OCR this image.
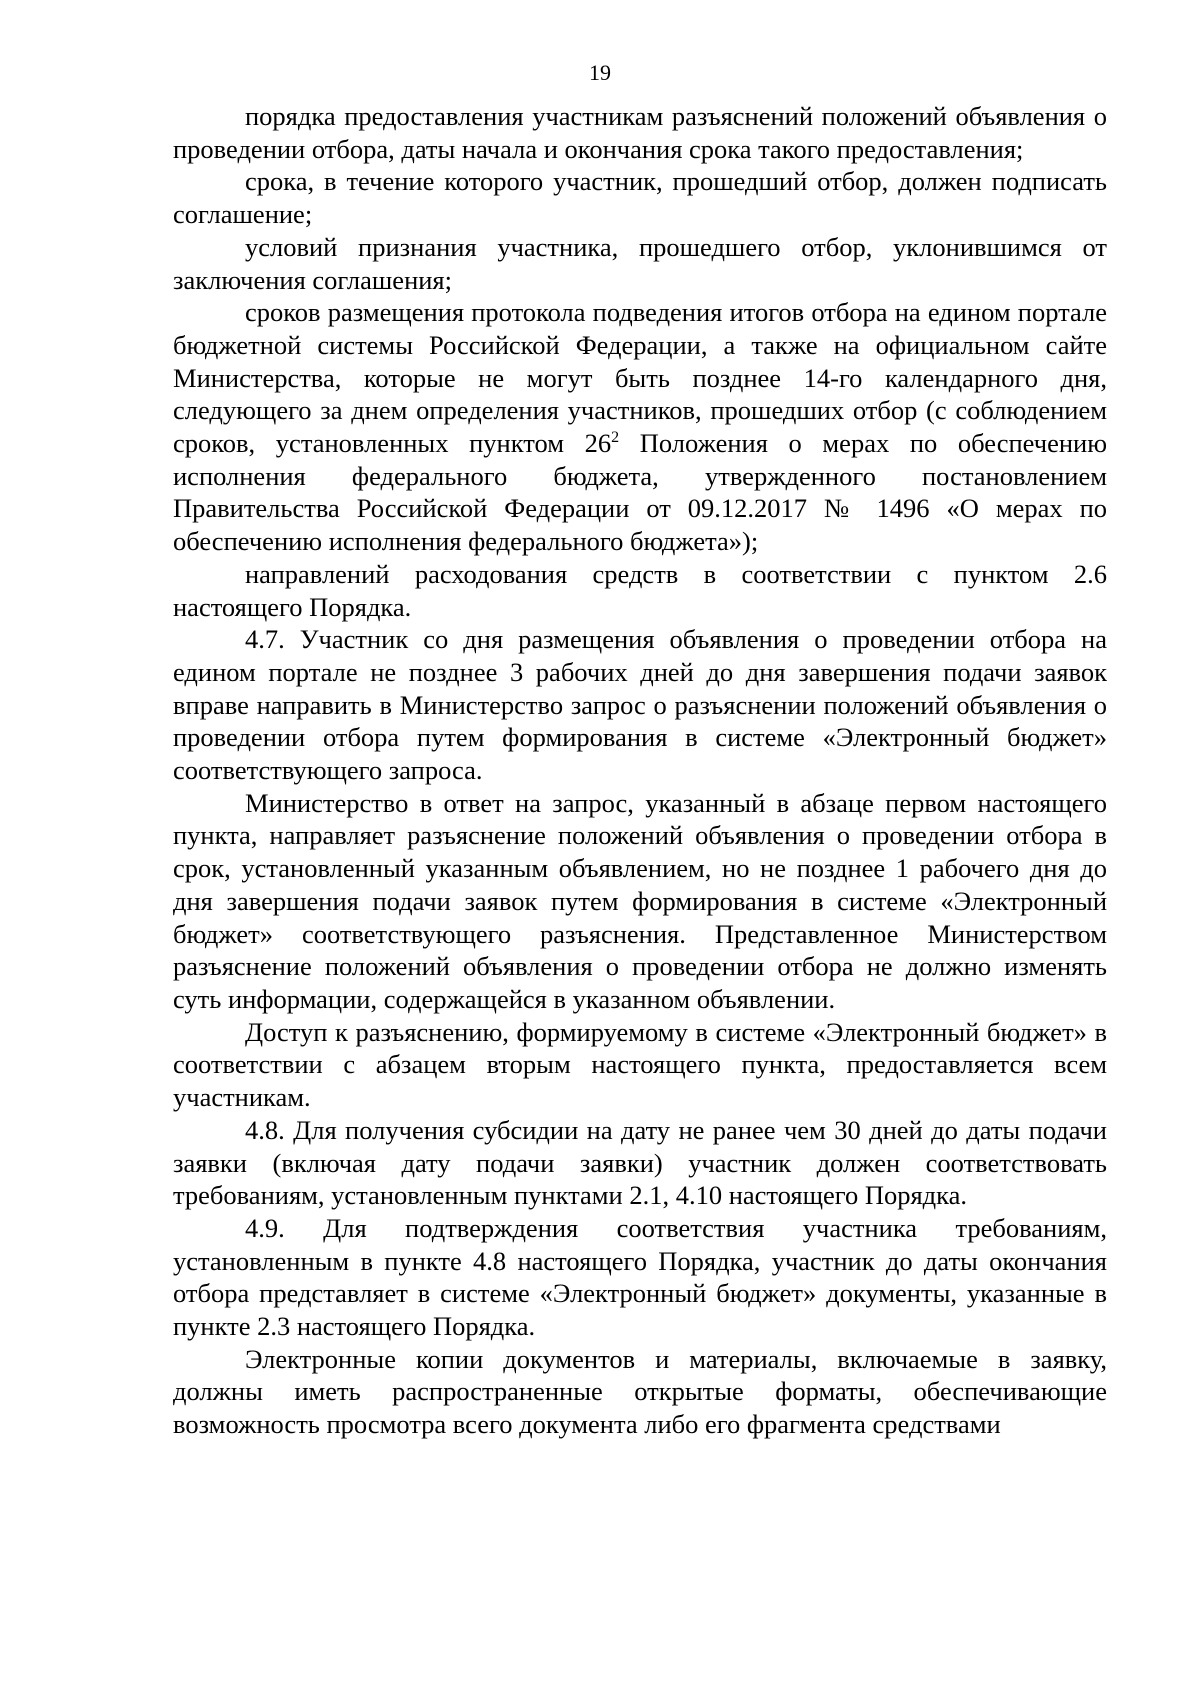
19

порядка предоставления участникам разъяснений положений объявления о проведении отбора, даты начала и окончания срока такого предоставления;

срока, в течение которого участник, прошедший отбор, должен подписать соглашение;

условий признания участника, прошедшего отбор, уклонившимся от заключения соглашения;

сроков размещения протокола подведения итогов отбора на едином портале бюджетной системы Российской Федерации, а также на официальном сайте Министерства, которые не могут быть позднее 14-го календарного дня, следующего за днем определения участников, прошедших отбор (с соблюдением сроков, установленных пунктом $26^2$ Положения о мерах по обеспечению исполнения федерального бюджета, утвержденного постановлением Правительства Российской Федерации от 09.12.2017 № 1496 «О мерах по обеспечению исполнения федерального бюджета»);

направлений расходования средств в соответствии с пунктом 2.6 настоящего Порядка.

4.7. Участник со дня размещения объявления о проведении отбора на едином портале не позднее 3 рабочих дней до дня завершения подачи заявок вправе направить в Министерство запрос о разъяснении положений объявления о проведении отбора путем формирования в системе «Электронный бюджет» соответствующего запроса.

Министерство в ответ на запрос, указанный в абзаце первом настоящего пункта, направляет разъяснение положений объявления о проведении отбора в срок, установленный указанным объявлением, но не позднее 1 рабочего дня до дня завершения подачи заявок путем формирования в системе «Электронный бюджет» соответствующего разъяснения. Представленное Министерством разъяснение положений объявления о проведении отбора не должно изменять суть информации, содержащейся в указанном объявлении.

Доступ к разъяснению, формируемому в системе «Электронный бюджет» в соответствии с абзацем вторым настоящего пункта, предоставляется всем участникам.

4.8. Для получения субсидии на дату не ранее чем 30 дней до даты подачи заявки (включая дату подачи заявки) участник должен соответствовать требованиям, установленным пунктами 2.1, 4.10 настоящего Порядка.

4.9. Для подтверждения соответствия участника требованиям, установленным в пункте 4.8 настоящего Порядка, участник до даты окончания отбора представляет в системе «Электронный бюджет» документы, указанные в пункте 2.3 настоящего Порядка.

Электронные копии документов и материалы, включаемые в заявку, должны иметь распространенные открытые форматы, обеспечивающие возможность просмотра всего документа либо его фрагмента средствами
